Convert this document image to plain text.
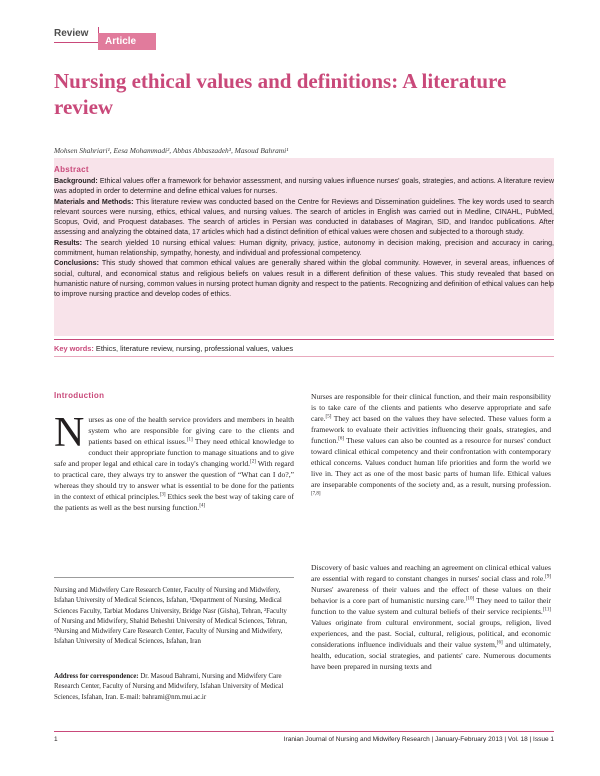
Review
Article
Nursing ethical values and definitions: A literature review
Mohsen Shahriari¹, Eesa Mohammadi², Abbas Abbaszadeh³, Masoud Bahrami¹
Abstract

Background: Ethical values offer a framework for behavior assessment, and nursing values influence nurses' goals, strategies, and actions. A literature review was adopted in order to determine and define ethical values for nurses.

Materials and Methods: This literature review was conducted based on the Centre for Reviews and Dissemination guidelines. The key words used to search relevant sources were nursing, ethics, ethical values, and nursing values. The search of articles in English was carried out in Medline, CINAHL, PubMed, Scopus, Ovid, and Proquest databases. The search of articles in Persian was conducted in databases of Magiran, SID, and Irandoc publications. After assessing and analyzing the obtained data, 17 articles which had a distinct definition of ethical values were chosen and subjected to a thorough study.

Results: The search yielded 10 nursing ethical values: Human dignity, privacy, justice, autonomy in decision making, precision and accuracy in caring, commitment, human relationship, sympathy, honesty, and individual and professional competency.

Conclusions: This study showed that common ethical values are generally shared within the global community. However, in several areas, influences of social, cultural, and economical status and religious beliefs on values result in a different definition of these values. This study revealed that based on humanistic nature of nursing, common values in nursing protect human dignity and respect to the patients. Recognizing and definition of ethical values can help to improve nursing practice and develop codes of ethics.

Key words: Ethics, literature review, nursing, professional values, values
Introduction

Nurses as one of the health service providers and members in health system who are responsible for giving care to the clients and patients based on ethical issues.[1] They need ethical knowledge to conduct their appropriate function to manage situations and to give safe and proper legal and ethical care in today's changing world.[2] With regard to practical care, they always try to answer the question of “What can I do?,” whereas they should try to answer what is essential to be done for the patients in the context of ethical principles.[3] Ethics seek the best way of taking care of the patients as well as the best nursing function.[4]

Nursing and Midwifery Care Research Center, Faculty of Nursing and Midwifery, Isfahan University of Medical Sciences, Isfahan, ¹Department of Nursing, Medical Sciences Faculty, Tarbiat Modares University, Bridge Nasr (Gisha), Tehran, ²Faculty of Nursing and Midwifery, Shahid Beheshti University of Medical Sciences, Tehran, ³Nursing and Midwifery Care Research Center, Faculty of Nursing and Midwifery, Isfahan University of Medical Sciences, Isfahan, Iran
Address for correspondence: Dr. Masoud Bahrami, Nursing and Midwifery Care Research Center, Faculty of Nursing and Midwifery, Isfahan University of Medical Sciences, Isfahan, Iran. E-mail: bahrami@nm.mui.ac.ir

Nurses are responsible for their clinical function, and their main responsibility is to take care of the clients and patients who deserve appropriate and safe care.[5] They act based on the values they have selected. These values form a framework to evaluate their activities influencing their goals, strategies, and function.[6] These values can also be counted as a resource for nurses' conduct toward clinical ethical competency and their confrontation with contemporary ethical concerns. Values conduct human life priorities and form the world we live in. They act as one of the most basic parts of human life. Ethical values are inseparable components of the society and, as a result, nursing profession.[7,8]

Discovery of basic values and reaching an agreement on clinical ethical values are essential with regard to constant changes in nurses' social class and role.[9] Nurses' awareness of their values and the effect of these values on their behavior is a core part of humanistic nursing care.[10] They need to tailor their function to the value system and cultural beliefs of their service recipients.[11] Values originate from cultural environment, social groups, religion, lived experiences, and the past. Social, cultural, religious, political, and economic considerations influence individuals and their value system,[6] and ultimately, health, education, social strategies, and patients' care. Numerous documents have been prepared in nursing texts and

1	Iranian Journal of Nursing and Midwifery Research | January-February 2013 | Vol. 18 | Issue 1
